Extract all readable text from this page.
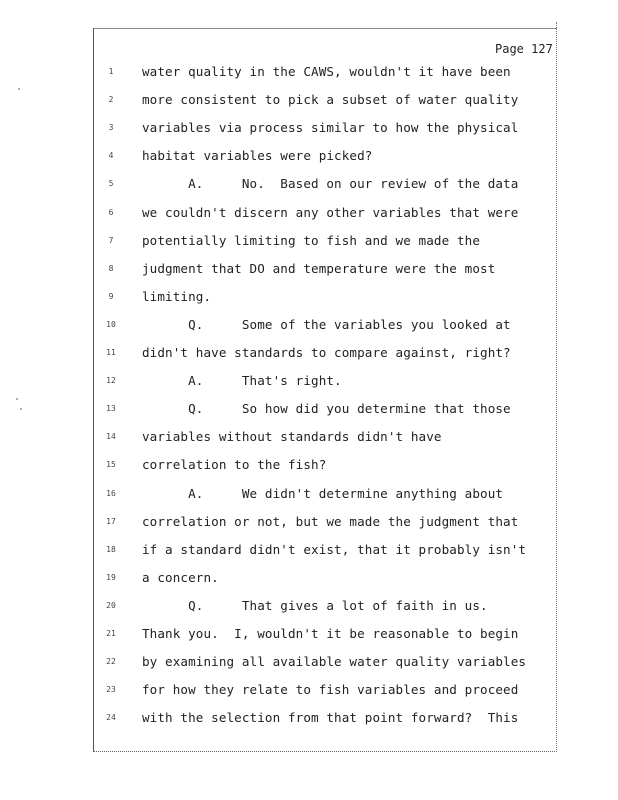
Page 127
1	water quality in the CAWS, wouldn't it have been
2	more consistent to pick a subset of water quality
3	variables via process similar to how the physical
4	habitat variables were picked?
5	A.     No.  Based on our review of the data
6	we couldn't discern any other variables that were
7	potentially limiting to fish and we made the
8	judgment that DO and temperature were the most
9	limiting.
10	Q.     Some of the variables you looked at
11	didn't have standards to compare against, right?
12	A.     That's right.
13	Q.     So how did you determine that those
14	variables without standards didn't have
15	correlation to the fish?
16	A.     We didn't determine anything about
17	correlation or not, but we made the judgment that
18	if a standard didn't exist, that it probably isn't
19	a concern.
20	Q.     That gives a lot of faith in us.
21	Thank you.  I, wouldn't it be reasonable to begin
22	by examining all available water quality variables
23	for how they relate to fish variables and proceed
24	with the selection from that point forward?  This
